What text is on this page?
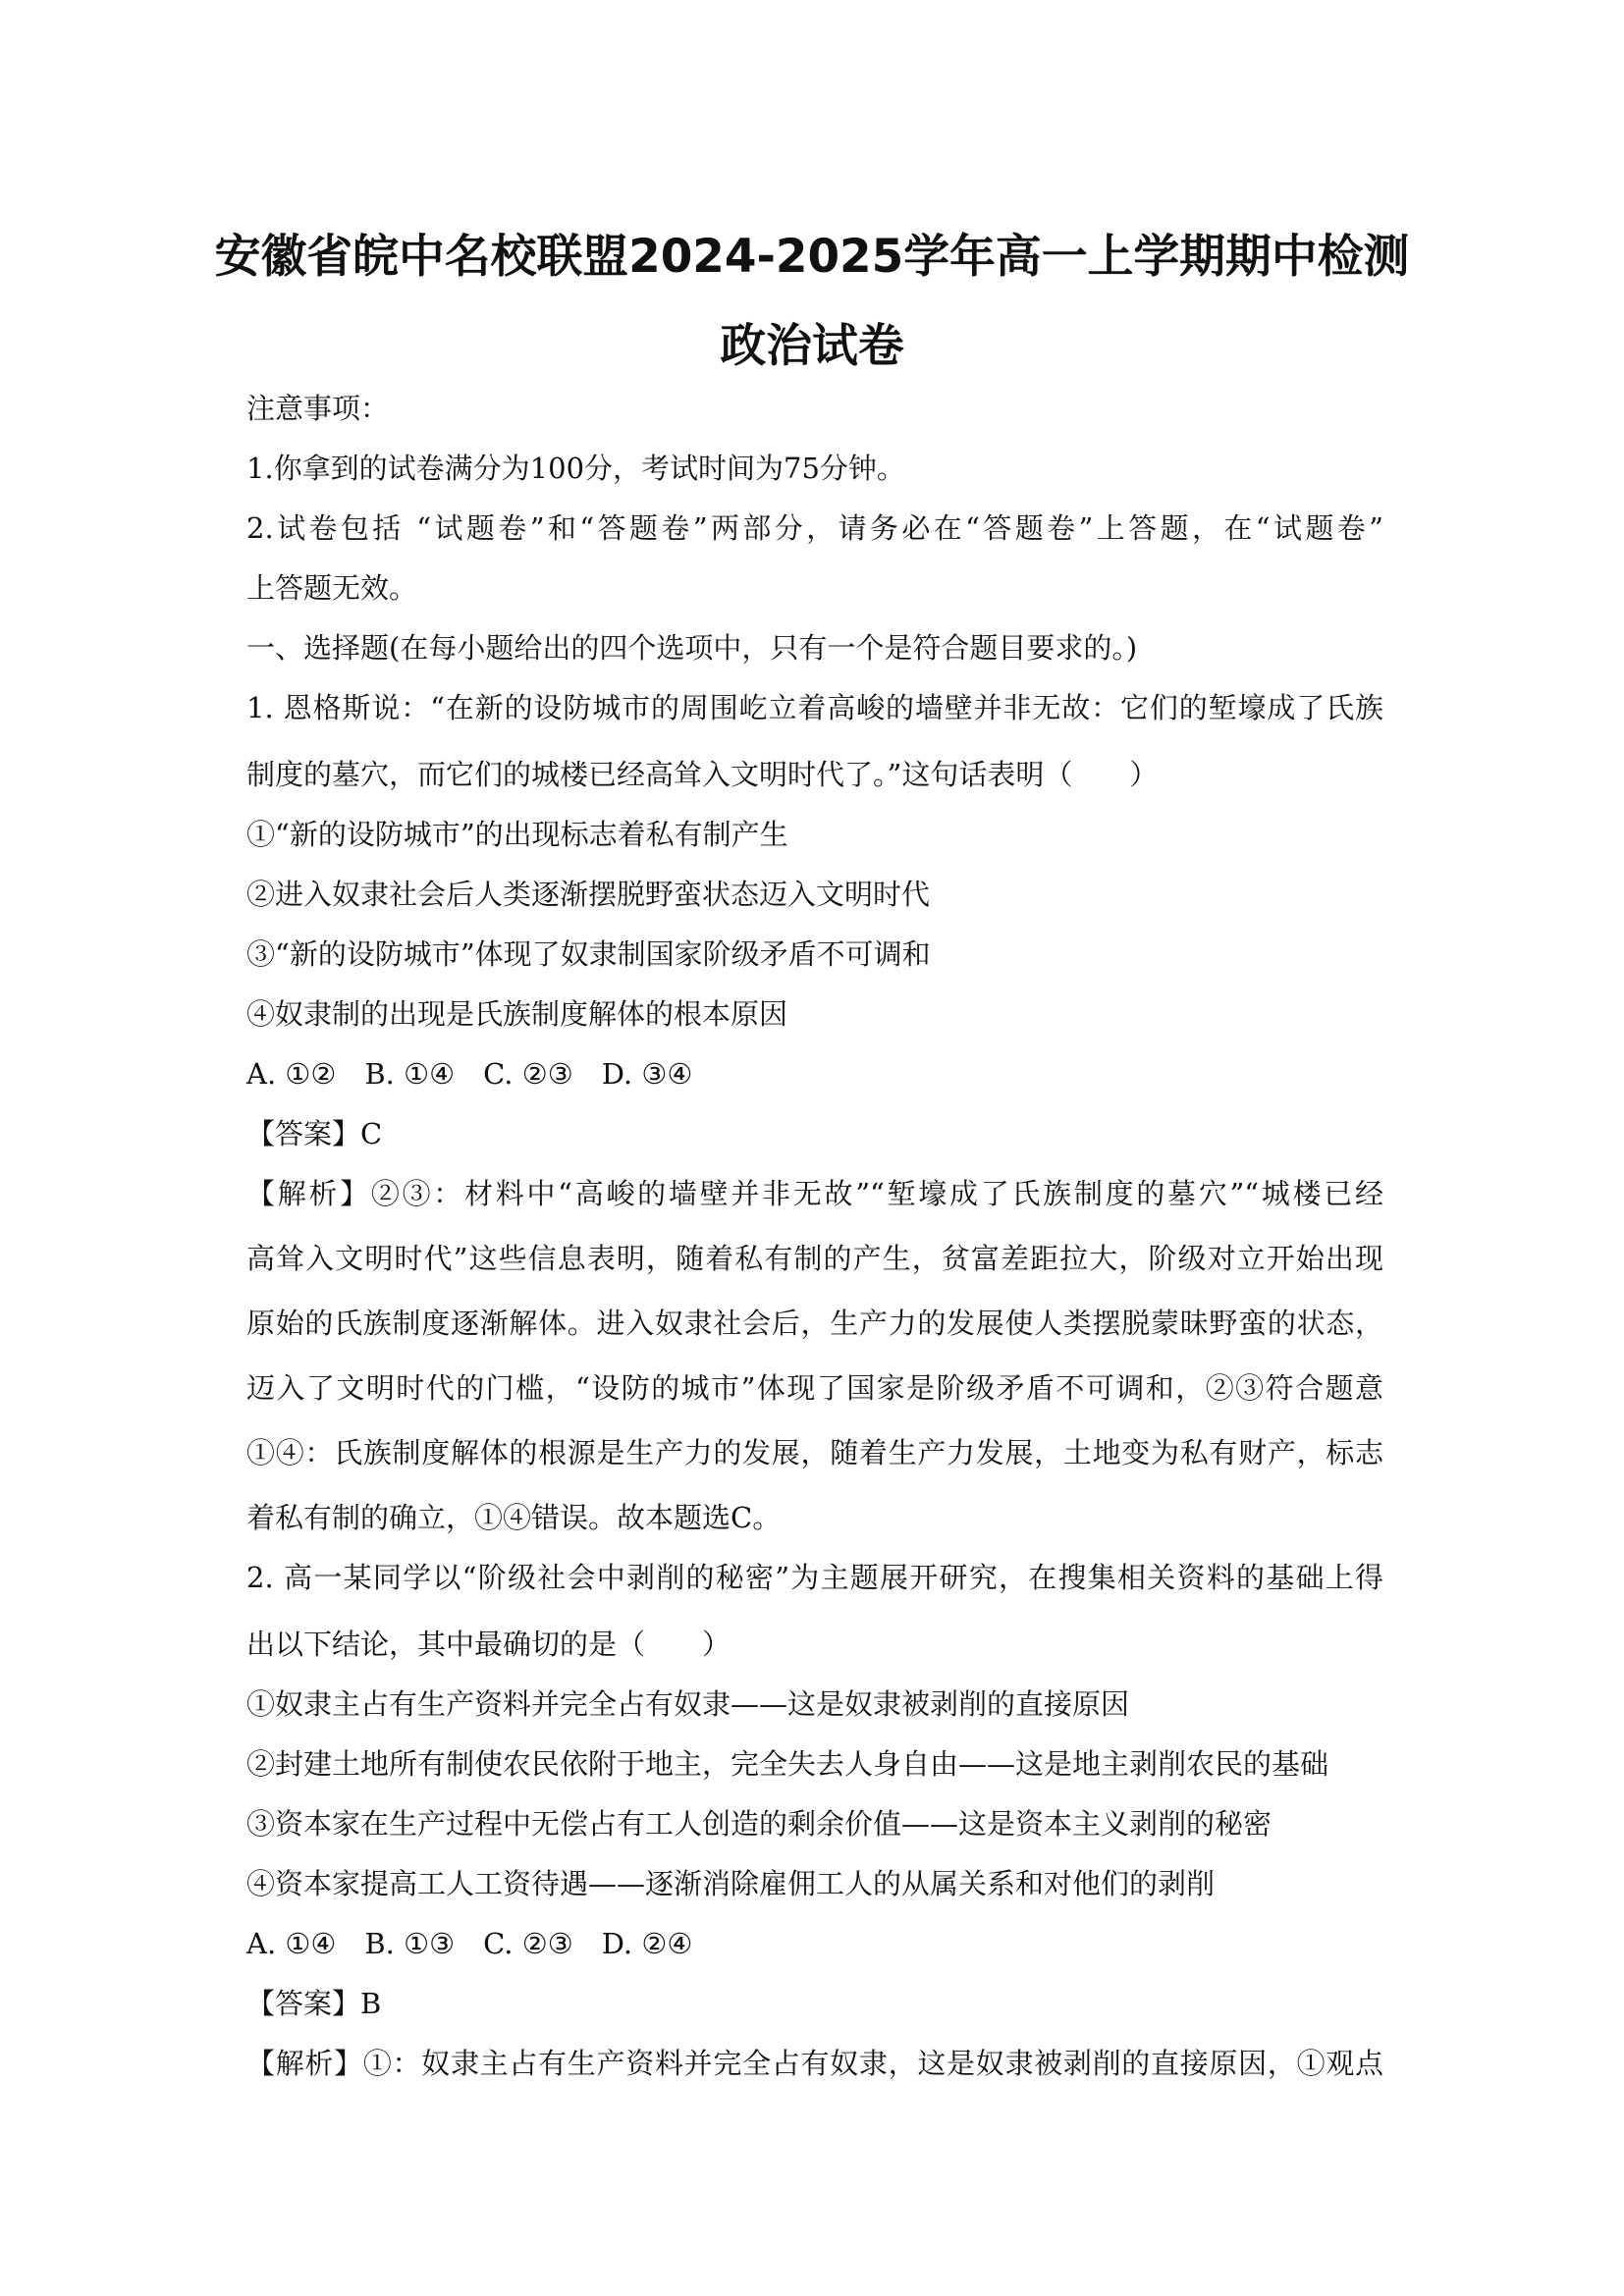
安徽省皖中名校联盟2024-2025学年高一上学期期中检测
政治试卷
注意事项：
1.你拿到的试卷满分为100分，考试时间为75分钟。
2.试卷包括 “试题卷”和“答题卷”两部分，请务必在“答题卷”上答题，在“试题卷”
上答题无效。
一、选择题(在每小题给出的四个选项中，只有一个是符合题目要求的。)
1. 恩格斯说：“在新的设防城市的周围屹立着高峻的墙壁并非无故：它们的堑壕成了氏族
制度的墓穴，而它们的城楼已经高耸入文明时代了。”这句话表明（　　）
①“新的设防城市”的出现标志着私有制产生
②进入奴隶社会后人类逐渐摆脱野蛮状态迈入文明时代
③“新的设防城市”体现了奴隶制国家阶级矛盾不可调和
④奴隶制的出现是氏族制度解体的根本原因
A. ①②　B. ①④　C. ②③　D. ③④
【答案】C
【解析】②③：材料中“高峻的墙壁并非无故”“堑壕成了氏族制度的墓穴”“城楼已经
高耸入文明时代”这些信息表明，随着私有制的产生，贫富差距拉大，阶级对立开始出现
原始的氏族制度逐渐解体。进入奴隶社会后，生产力的发展使人类摆脱蒙昧野蛮的状态，
迈入了文明时代的门槛，“设防的城市”体现了国家是阶级矛盾不可调和，②③符合题意
①④：氏族制度解体的根源是生产力的发展，随着生产力发展，土地变为私有财产，标志
着私有制的确立，①④错误。故本题选C。
2. 高一某同学以“阶级社会中剥削的秘密”为主题展开研究，在搜集相关资料的基础上得
出以下结论，其中最确切的是（　　）
①奴隶主占有生产资料并完全占有奴隶——这是奴隶被剥削的直接原因
②封建土地所有制使农民依附于地主，完全失去人身自由——这是地主剥削农民的基础
③资本家在生产过程中无偿占有工人创造的剩余价值——这是资本主义剥削的秘密
④资本家提高工人工资待遇——逐渐消除雇佣工人的从属关系和对他们的剥削
A. ①④　B. ①③　C. ②③　D. ②④
【答案】B
【解析】①：奴隶主占有生产资料并完全占有奴隶，这是奴隶被剥削的直接原因，①观点
